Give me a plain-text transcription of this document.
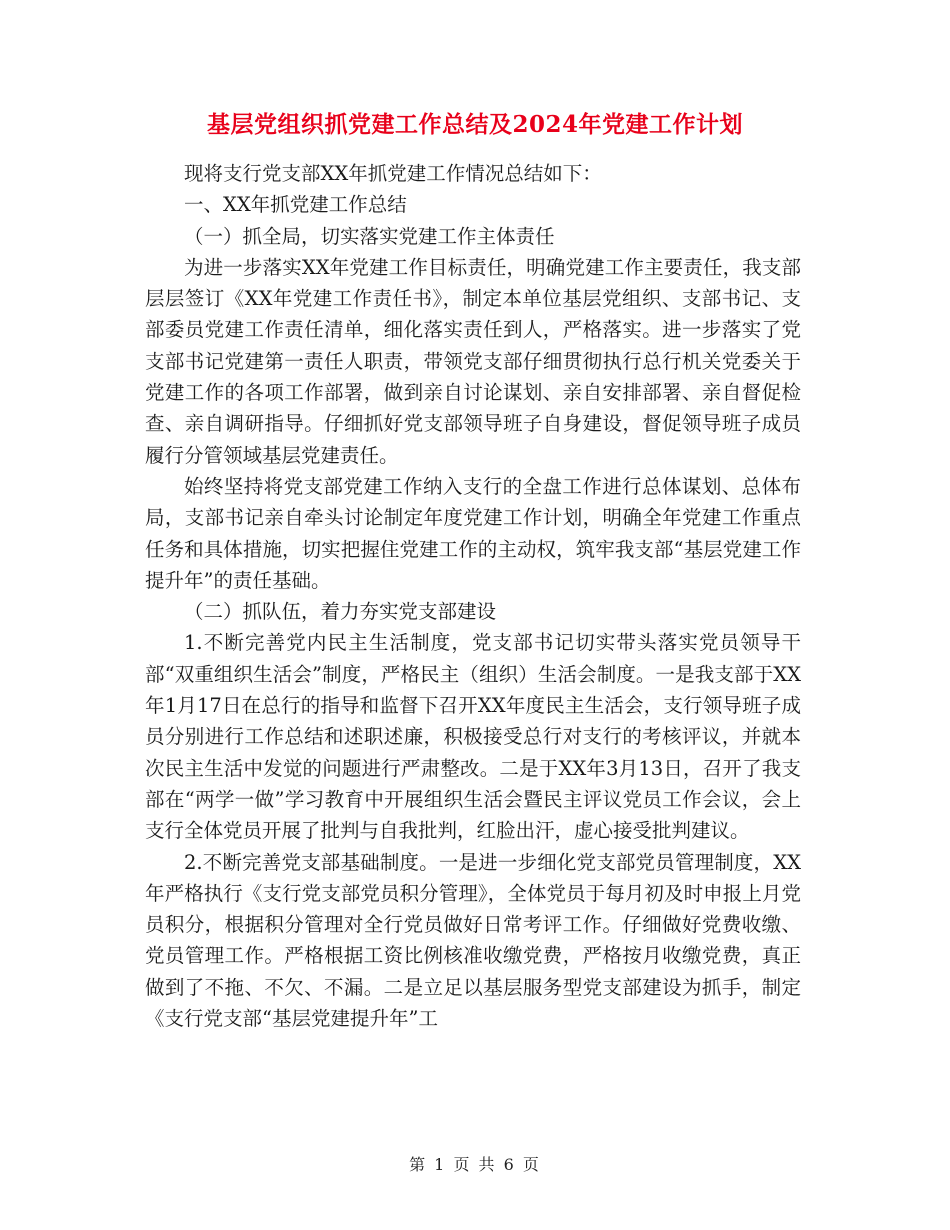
基层党组织抓党建工作总结及2024年党建工作计划

现将支行党支部XX年抓党建工作情况总结如下：

一、XX年抓党建工作总结

（一）抓全局，切实落实党建工作主体责任

为进一步落实XX年党建工作目标责任，明确党建工作主要责任，我支部层层签订《XX年党建工作责任书》，制定本单位基层党组织、支部书记、支部委员党建工作责任清单，细化落实责任到人，严格落实。进一步落实了党支部书记党建第一责任人职责，带领党支部仔细贯彻执行总行机关党委关于党建工作的各项工作部署，做到亲自讨论谋划、亲自安排部署、亲自督促检查、亲自调研指导。仔细抓好党支部领导班子自身建设，督促领导班子成员履行分管领域基层党建责任。

始终坚持将党支部党建工作纳入支行的全盘工作进行总体谋划、总体布局，支部书记亲自牵头讨论制定年度党建工作计划，明确全年党建工作重点任务和具体措施，切实把握住党建工作的主动权，筑牢我支部“基层党建工作提升年”的责任基础。

（二）抓队伍，着力夯实党支部建设

1.不断完善党内民主生活制度，党支部书记切实带头落实党员领导干部“双重组织生活会”制度，严格民主（组织）生活会制度。一是我支部于XX年1月17日在总行的指导和监督下召开XX年度民主生活会，支行领导班子成员分别进行工作总结和述职述廉，积极接受总行对支行的考核评议，并就本次民主生活中发觉的问题进行严肃整改。二是于XX年3月13日，召开了我支部在“两学一做”学习教育中开展组织生活会暨民主评议党员工作会议，会上支行全体党员开展了批判与自我批判，红脸出汗，虚心接受批判建议。

2.不断完善党支部基础制度。一是进一步细化党支部党员管理制度，XX年严格执行《支行党支部党员积分管理》，全体党员于每月初及时申报上月党员积分，根据积分管理对全行党员做好日常考评工作。仔细做好党费收缴、党员管理工作。严格根据工资比例核准收缴党费，严格按月收缴党费，真正做到了不拖、不欠、不漏。二是立足以基层服务型党支部建设为抓手，制定《支行党支部“基层党建提升年”工

第 1 页 共 6 页
